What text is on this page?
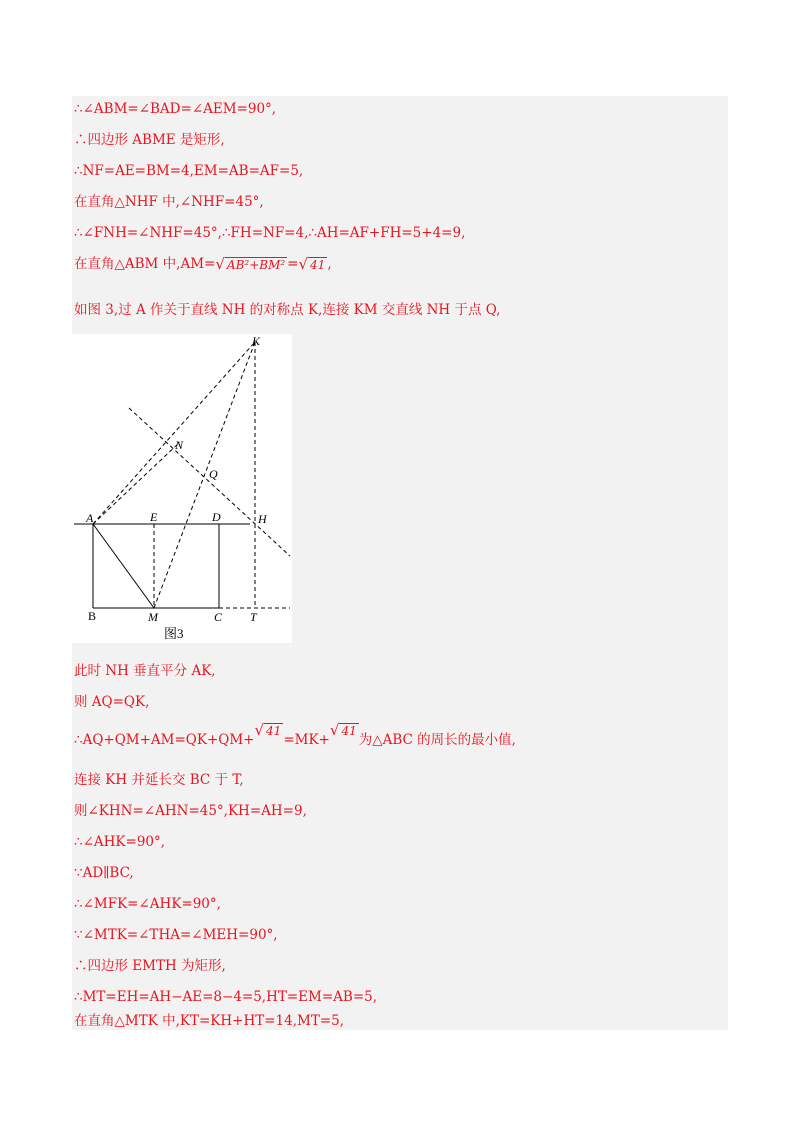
∴∠ABM=∠BAD=∠AEM=90°,
∴四边形 ABME 是矩形,
∴NF=AE=BM=4,EM=AB=AF=5,
在直角△NHF 中,∠NHF=45°,
∴∠FNH=∠NHF=45°,∴FH=NF=4,∴AH=AF+FH=5+4=9,
在直角△ABM 中,AM=√ AB²+BM² =√ 41 ,
如图 3,过 A 作关于直线 NH 的对称点 K,连接 KM 交直线 NH 于点 Q,
K
N
Q
A	E	D	H
B	M	C T
图3
此时 NH 垂直平分 AK,
则 AQ=QK,
∴AQ+QM+AM=QK+QM+√ 41=MK+√ 41为△ABC 的周长的最小值,
连接 KH 并延长交 BC 于 T,
则∠KHN=∠AHN=45°,KH=AH=9,
∴∠AHK=90°,
∵AD∥BC,
∴∠MFK=∠AHK=90°,
∵∠MTK=∠THA=∠MEH=90°,
∴四边形 EMTH 为矩形,
∴MT=EH=AH−AE=8−4=5,HT=EM=AB=5,
在直角△MTK 中,KT=KH+HT=14,MT=5,
